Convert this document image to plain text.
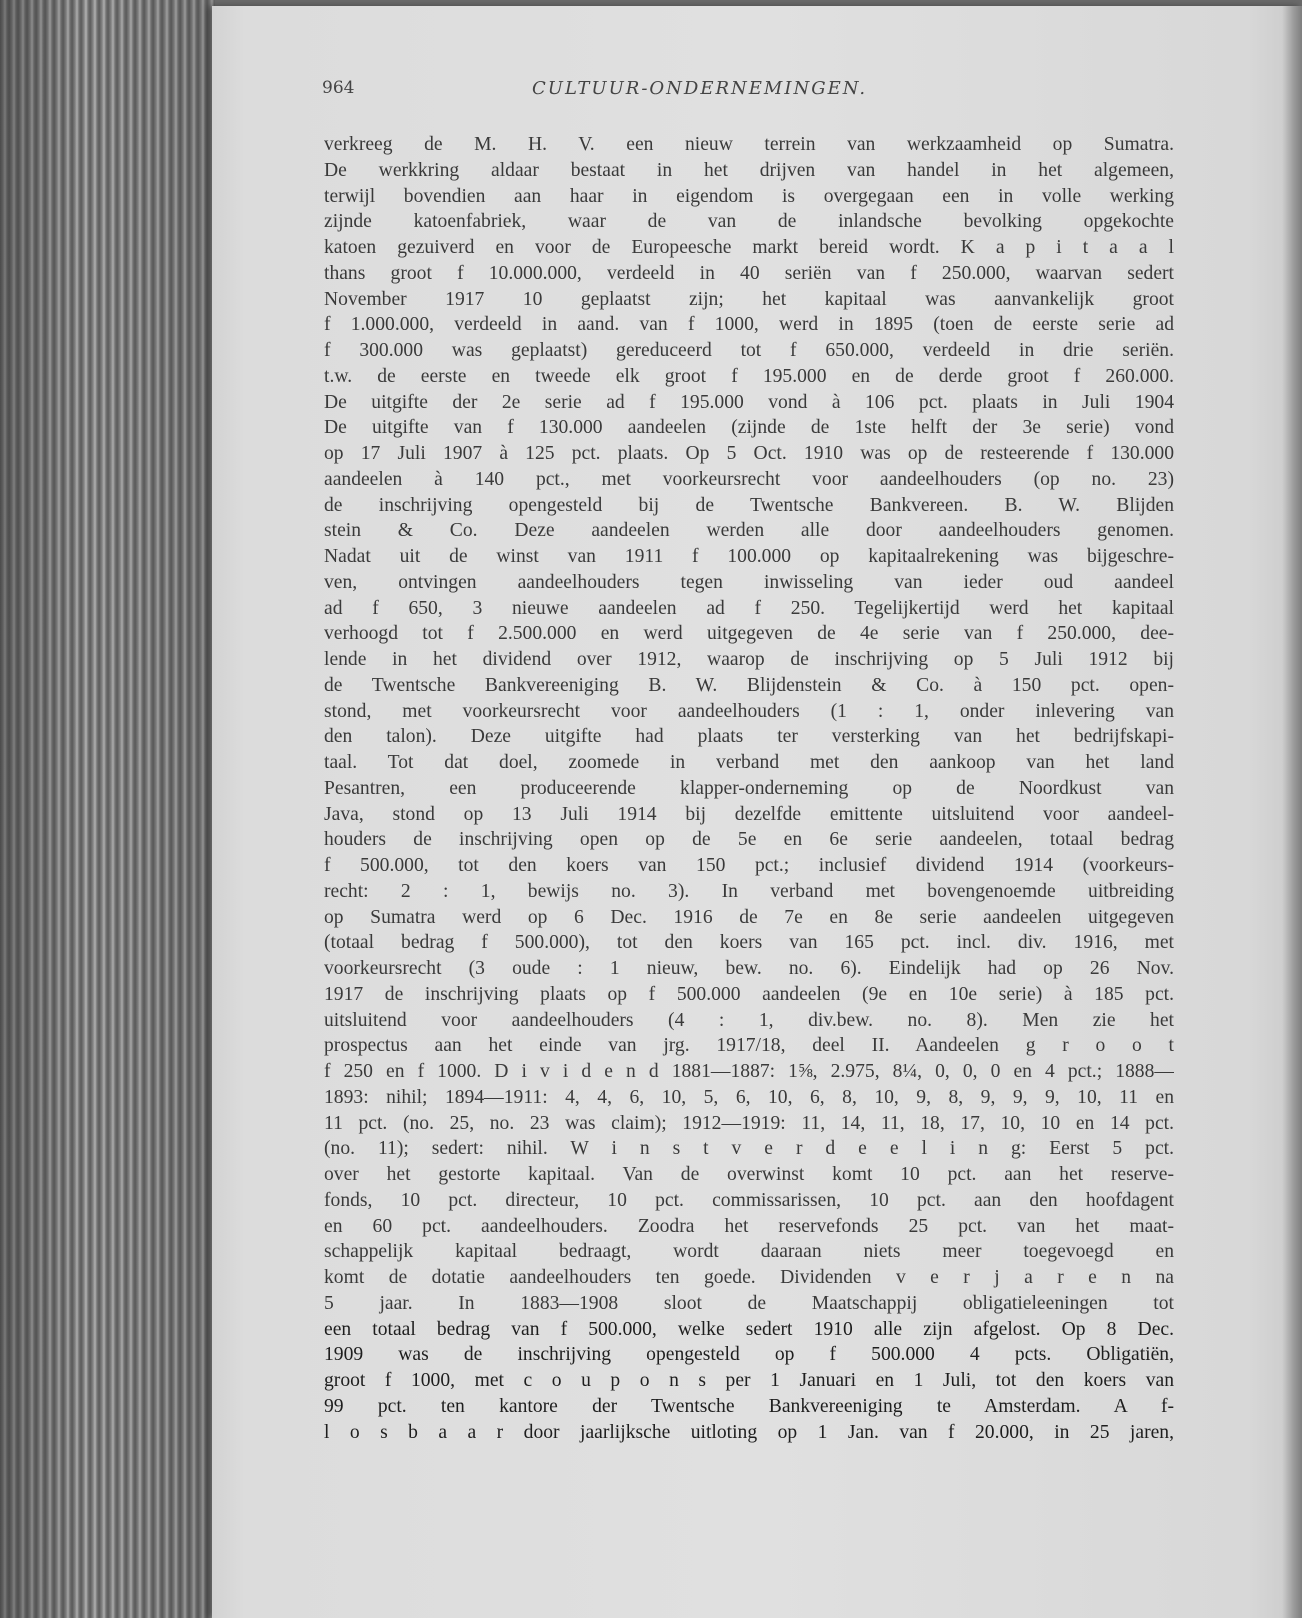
964	CULTUUR-ONDERNEMINGEN.
verkreeg de M. H. V. een nieuw terrein van werkzaamheid op Sumatra.
De werkkring aldaar bestaat in het drijven van handel in het algemeen,
terwijl bovendien aan haar in eigendom is overgegaan een in volle werking
zijnde katoenfabriek, waar de van de inlandsche bevolking opgekochte
katoen gezuiverd en voor de Europeesche markt bereid wordt. K a p i t a a l
thans groot f 10.000.000, verdeeld in 40 seriën van f 250.000, waarvan sedert
November 1917 10 geplaatst zijn; het kapitaal was aanvankelijk groot
f 1.000.000, verdeeld in aand. van f 1000, werd in 1895 (toen de eerste serie ad
f 300.000 was geplaatst) gereduceerd tot f 650.000, verdeeld in drie seriën.
t.w. de eerste en tweede elk groot f 195.000 en de derde groot f 260.000.
De uitgifte der 2e serie ad f 195.000 vond à 106 pct. plaats in Juli 1904
De uitgifte van f 130.000 aandeelen (zijnde de 1ste helft der 3e serie) vond
op 17 Juli 1907 à 125 pct. plaats. Op 5 Oct. 1910 was op de resteerende f 130.000
aandeelen à 140 pct., met voorkeursrecht voor aandeelhouders (op no. 23)
de inschrijving opengesteld bij de Twentsche Bankvereen. B. W. Blijden
stein & Co. Deze aandeelen werden alle door aandeelhouders genomen.
Nadat uit de winst van 1911 f 100.000 op kapitaalrekening was bijgeschre-
ven, ontvingen aandeelhouders tegen inwisseling van ieder oud aandeel
ad f 650, 3 nieuwe aandeelen ad f 250. Tegelijkertijd werd het kapitaal
verhoogd tot f 2.500.000 en werd uitgegeven de 4e serie van f 250.000, dee-
lende in het dividend over 1912, waarop de inschrijving op 5 Juli 1912 bij
de Twentsche Bankvereeniging B. W. Blijdenstein & Co. à 150 pct. open-
stond, met voorkeursrecht voor aandeelhouders (1 : 1, onder inlevering van
den talon). Deze uitgifte had plaats ter versterking van het bedrijfskapi-
taal. Tot dat doel, zoomede in verband met den aankoop van het land
Pesantren, een produceerende klapper-onderneming op de Noordkust van
Java, stond op 13 Juli 1914 bij dezelfde emittente uitsluitend voor aandeel-
houders de inschrijving open op de 5e en 6e serie aandeelen, totaal bedrag
f 500.000, tot den koers van 150 pct.; inclusief dividend 1914 (voorkeurs-
recht: 2 : 1, bewijs no. 3). In verband met bovengenoemde uitbreiding
op Sumatra werd op 6 Dec. 1916 de 7e en 8e serie aandeelen uitgegeven
(totaal bedrag f 500.000), tot den koers van 165 pct. incl. div. 1916, met
voorkeursrecht (3 oude : 1 nieuw, bew. no. 6). Eindelijk had op 26 Nov.
1917 de inschrijving plaats op f 500.000 aandeelen (9e en 10e serie) à 185 pct.
uitsluitend voor aandeelhouders (4 : 1, div.bew. no. 8). Men zie het
prospectus aan het einde van jrg. 1917/18, deel II. Aandeelen g r o o t
f 250 en f 1000. D i v i d e n d 1881—1887: 1⅝, 2.975, 8¼, 0, 0, 0 en 4 pct.; 1888—
1893: nihil; 1894—1911: 4, 4, 6, 10, 5, 6, 10, 6, 8, 10, 9, 8, 9, 9, 9, 10, 11 en
11 pct. (no. 25, no. 23 was claim); 1912—1919: 11, 14, 11, 18, 17, 10, 10 en 14 pct.
(no. 11); sedert: nihil. W i n s t v e r d e e l i n g: Eerst 5 pct.
over het gestorte kapitaal. Van de overwinst komt 10 pct. aan het reserve-
fonds, 10 pct. directeur, 10 pct. commissarissen, 10 pct. aan den hoofdagent
en 60 pct. aandeelhouders. Zoodra het reservefonds 25 pct. van het maat-
schappelijk kapitaal bedraagt, wordt daaraan niets meer toegevoegd en
komt de dotatie aandeelhouders ten goede. Dividenden v e r j a r e n na
5 jaar. In 1883—1908 sloot de Maatschappij obligatieleeningen tot
een totaal bedrag van f 500.000, welke sedert 1910 alle zijn afgelost. Op 8 Dec.
1909 was de inschrijving opengesteld op f 500.000 4 pcts. Obligatiën,
groot f 1000, met c o u p o n s per 1 Januari en 1 Juli, tot den koers van
99 pct. ten kantore der Twentsche Bankvereeniging te Amsterdam. A f-
l o s b a a r door jaarlijksche uitloting op 1 Jan. van f 20.000, in 25 jaren,
